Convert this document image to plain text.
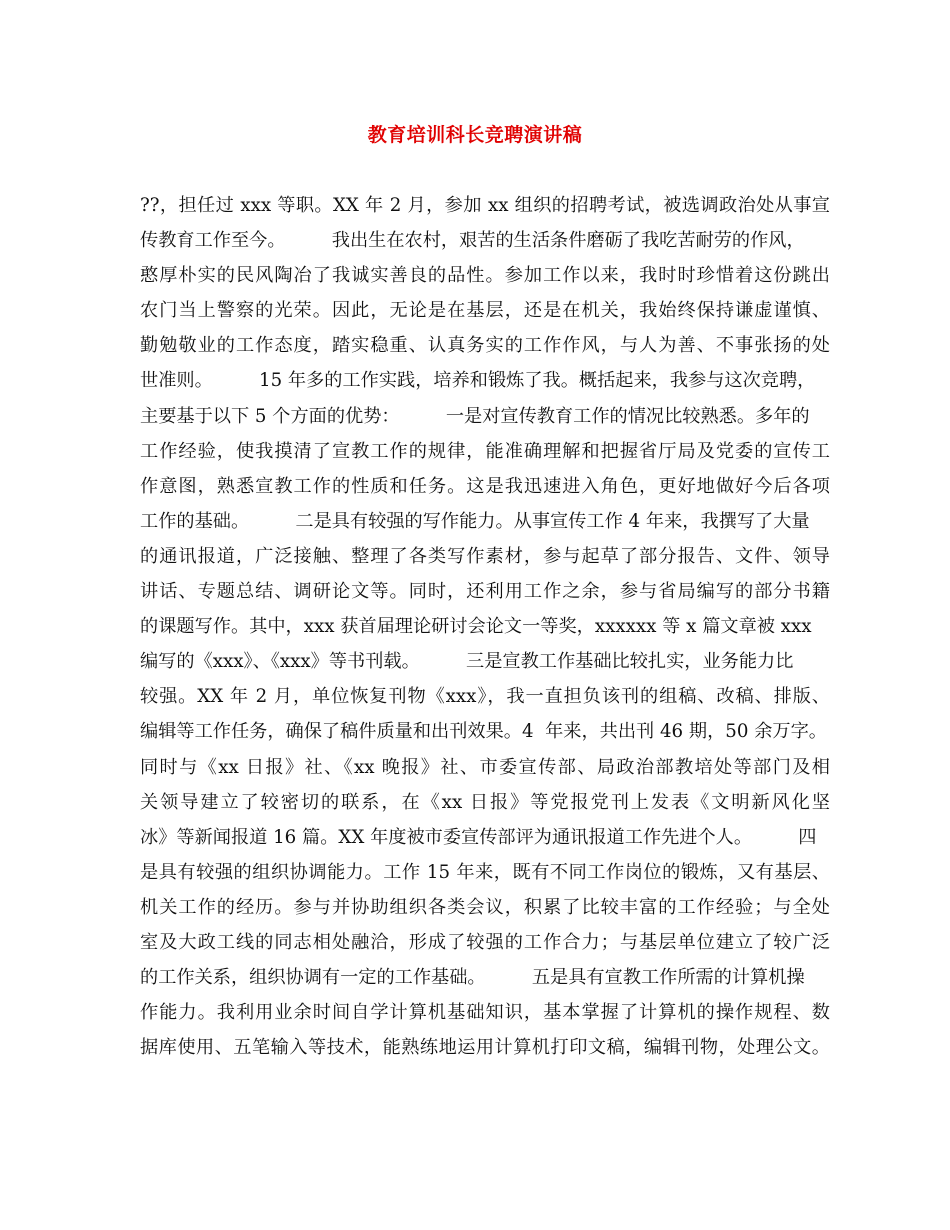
教育培训科长竞聘演讲稿
??，担任过 xxx 等职。XX 年 2 月，参加 xx 组织的招聘考试，被选调政治处从事宣
传教育工作至今。        我出生在农村，艰苦的生活条件磨砺了我吃苦耐劳的作风，
憨厚朴实的民风陶冶了我诚实善良的品性。参加工作以来，我时时珍惜着这份跳出
农门当上警察的光荣。因此，无论是在基层，还是在机关，我始终保持谦虚谨慎、
勤勉敬业的工作态度，踏实稳重、认真务实的工作作风，与人为善、不事张扬的处
世准则。        15 年多的工作实践，培养和锻炼了我。概括起来，我参与这次竞聘，
主要基于以下 5 个方面的优势：        一是对宣传教育工作的情况比较熟悉。多年的
工作经验，使我摸清了宣教工作的规律，能准确理解和把握省厅局及党委的宣传工
作意图，熟悉宣教工作的性质和任务。这是我迅速进入角色，更好地做好今后各项
工作的基础。        二是具有较强的写作能力。从事宣传工作 4 年来，我撰写了大量
的通讯报道，广泛接触、整理了各类写作素材，参与起草了部分报告、文件、领导
讲话、专题总结、调研论文等。同时，还利用工作之余，参与省局编写的部分书籍
的课题写作。其中，xxx 获首届理论研讨会论文一等奖，xxxxxx 等 x 篇文章被 xxx
编写的《xxx》、《xxx》等书刊载。        三是宣教工作基础比较扎实，业务能力比
较强。XX 年 2 月，单位恢复刊物《xxx》，我一直担负该刊的组稿、改稿、排版、
编辑等工作任务，确保了稿件质量和出刊效果。4  年来，共出刊 46 期，50 余万字。
同时与《xx 日报》社、《xx 晚报》社、市委宣传部、局政治部教培处等部门及相
关领导建立了较密切的联系，在《xx 日报》等党报党刊上发表《文明新风化坚
冰》等新闻报道 16 篇。XX 年度被市委宣传部评为通讯报道工作先进个人。        四
是具有较强的组织协调能力。工作 15 年来，既有不同工作岗位的锻炼，又有基层、
机关工作的经历。参与并协助组织各类会议，积累了比较丰富的工作经验；与全处
室及大政工线的同志相处融洽，形成了较强的工作合力；与基层单位建立了较广泛
的工作关系，组织协调有一定的工作基础。        五是具有宣教工作所需的计算机操
作能力。我利用业余时间自学计算机基础知识，基本掌握了计算机的操作规程、数
据库使用、五笔输入等技术，能熟练地运用计算机打印文稿，编辑刊物，处理公文。
